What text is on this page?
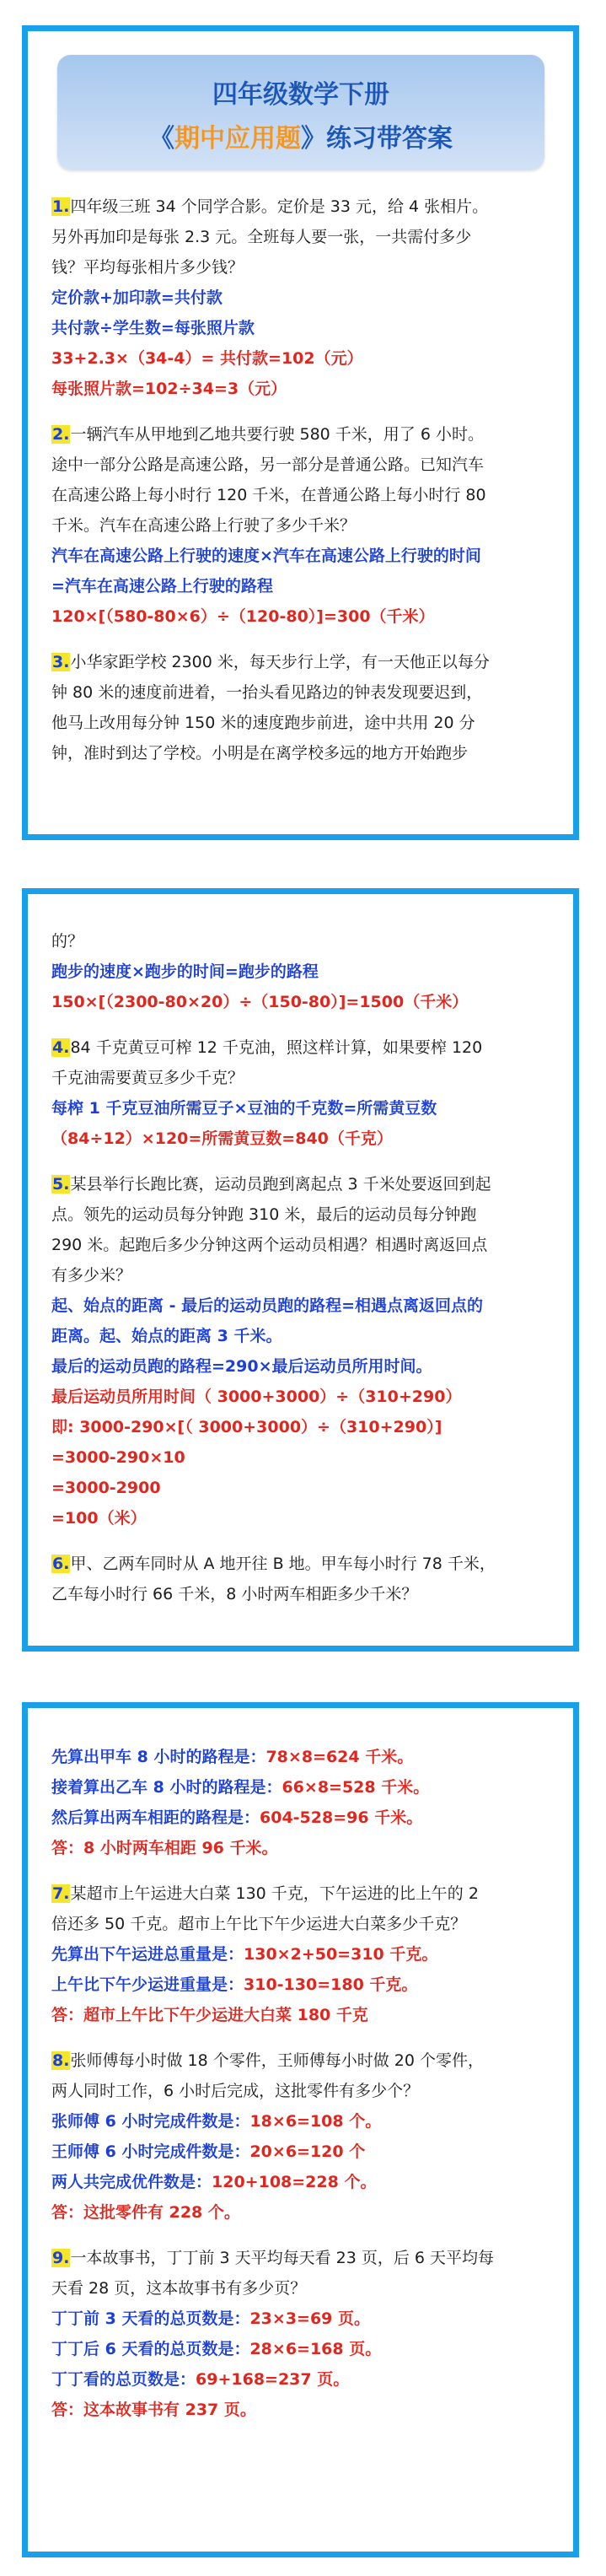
四年级数学下册
《期中应用题》练习带答案
1.四年级三班 34 个同学合影。定价是 33 元，给 4 张相片。
另外再加印是每张 2.3 元。全班每人要一张，一共需付多少
钱？平均每张相片多少钱？
定价款+加印款=共付款
共付款÷学生数=每张照片款
33+2.3×（34-4）= 共付款=102（元）
每张照片款=102÷34=3（元）
2.一辆汽车从甲地到乙地共要行驶 580 千米，用了 6 小时。
途中一部分公路是高速公路，另一部分是普通公路。已知汽车
在高速公路上每小时行 120 千米，在普通公路上每小时行 80
千米。汽车在高速公路上行驶了多少千米？
汽车在高速公路上行驶的速度×汽车在高速公路上行驶的时间
=汽车在高速公路上行驶的路程
120×[（580-80×6）÷（120-80）]=300（千米）
3.小华家距学校 2300 米，每天步行上学，有一天他正以每分
钟 80 米的速度前进着，一抬头看见路边的钟表发现要迟到，
他马上改用每分钟 150 米的速度跑步前进，途中共用 20 分
钟，准时到达了学校。小明是在离学校多远的地方开始跑步
的？
跑步的速度×跑步的时间=跑步的路程
150×[（2300-80×20）÷（150-80）]=1500（千米）
4.84 千克黄豆可榨 12 千克油，照这样计算，如果要榨 120
千克油需要黄豆多少千克？
每榨 1 千克豆油所需豆子×豆油的千克数=所需黄豆数
（84÷12）×120=所需黄豆数=840（千克）
5.某县举行长跑比赛，运动员跑到离起点 3 千米处要返回到起
点。领先的运动员每分钟跑 310 米，最后的运动员每分钟跑
290 米。起跑后多少分钟这两个运动员相遇？相遇时离返回点
有多少米？
起、始点的距离 - 最后的运动员跑的路程=相遇点离返回点的
距离。起、始点的距离 3 千米。
最后的运动员跑的路程=290×最后运动员所用时间。
最后运动员所用时间（ 3000+3000）÷（310+290）
即: 3000-290×[（ 3000+3000）÷（310+290）]
=3000-290×10
=3000-2900
=100（米）
6.甲、乙两车同时从 A 地开往 B 地。甲车每小时行 78 千米，
乙车每小时行 66 千米，8 小时两车相距多少千米？
先算出甲车 8 小时的路程是：78×8=624 千米。
接着算出乙车 8 小时的路程是：66×8=528 千米。
然后算出两车相距的路程是：604-528=96 千米。
答：8 小时两车相距 96 千米。
7.某超市上午运进大白菜 130 千克，下午运进的比上午的 2
倍还多 50 千克。超市上午比下午少运进大白菜多少千克？
先算出下午运进总重量是：130×2+50=310 千克。
上午比下午少运进重量是：310-130=180 千克。
答：超市上午比下午少运进大白菜 180 千克
8.张师傅每小时做 18 个零件，王师傅每小时做 20 个零件，
两人同时工作，6 小时后完成，这批零件有多少个？
张师傅 6 小时完成件数是：18×6=108 个。
王师傅 6 小时完成件数是：20×6=120 个
两人共完成优件数是：120+108=228 个。
答：这批零件有 228 个。
9.一本故事书，丁丁前 3 天平均每天看 23 页，后 6 天平均每
天看 28 页，这本故事书有多少页？
丁丁前 3 天看的总页数是：23×3=69 页。
丁丁后 6 天看的总页数是：28×6=168 页。
丁丁看的总页数是：69+168=237 页。
答：这本故事书有 237 页。
